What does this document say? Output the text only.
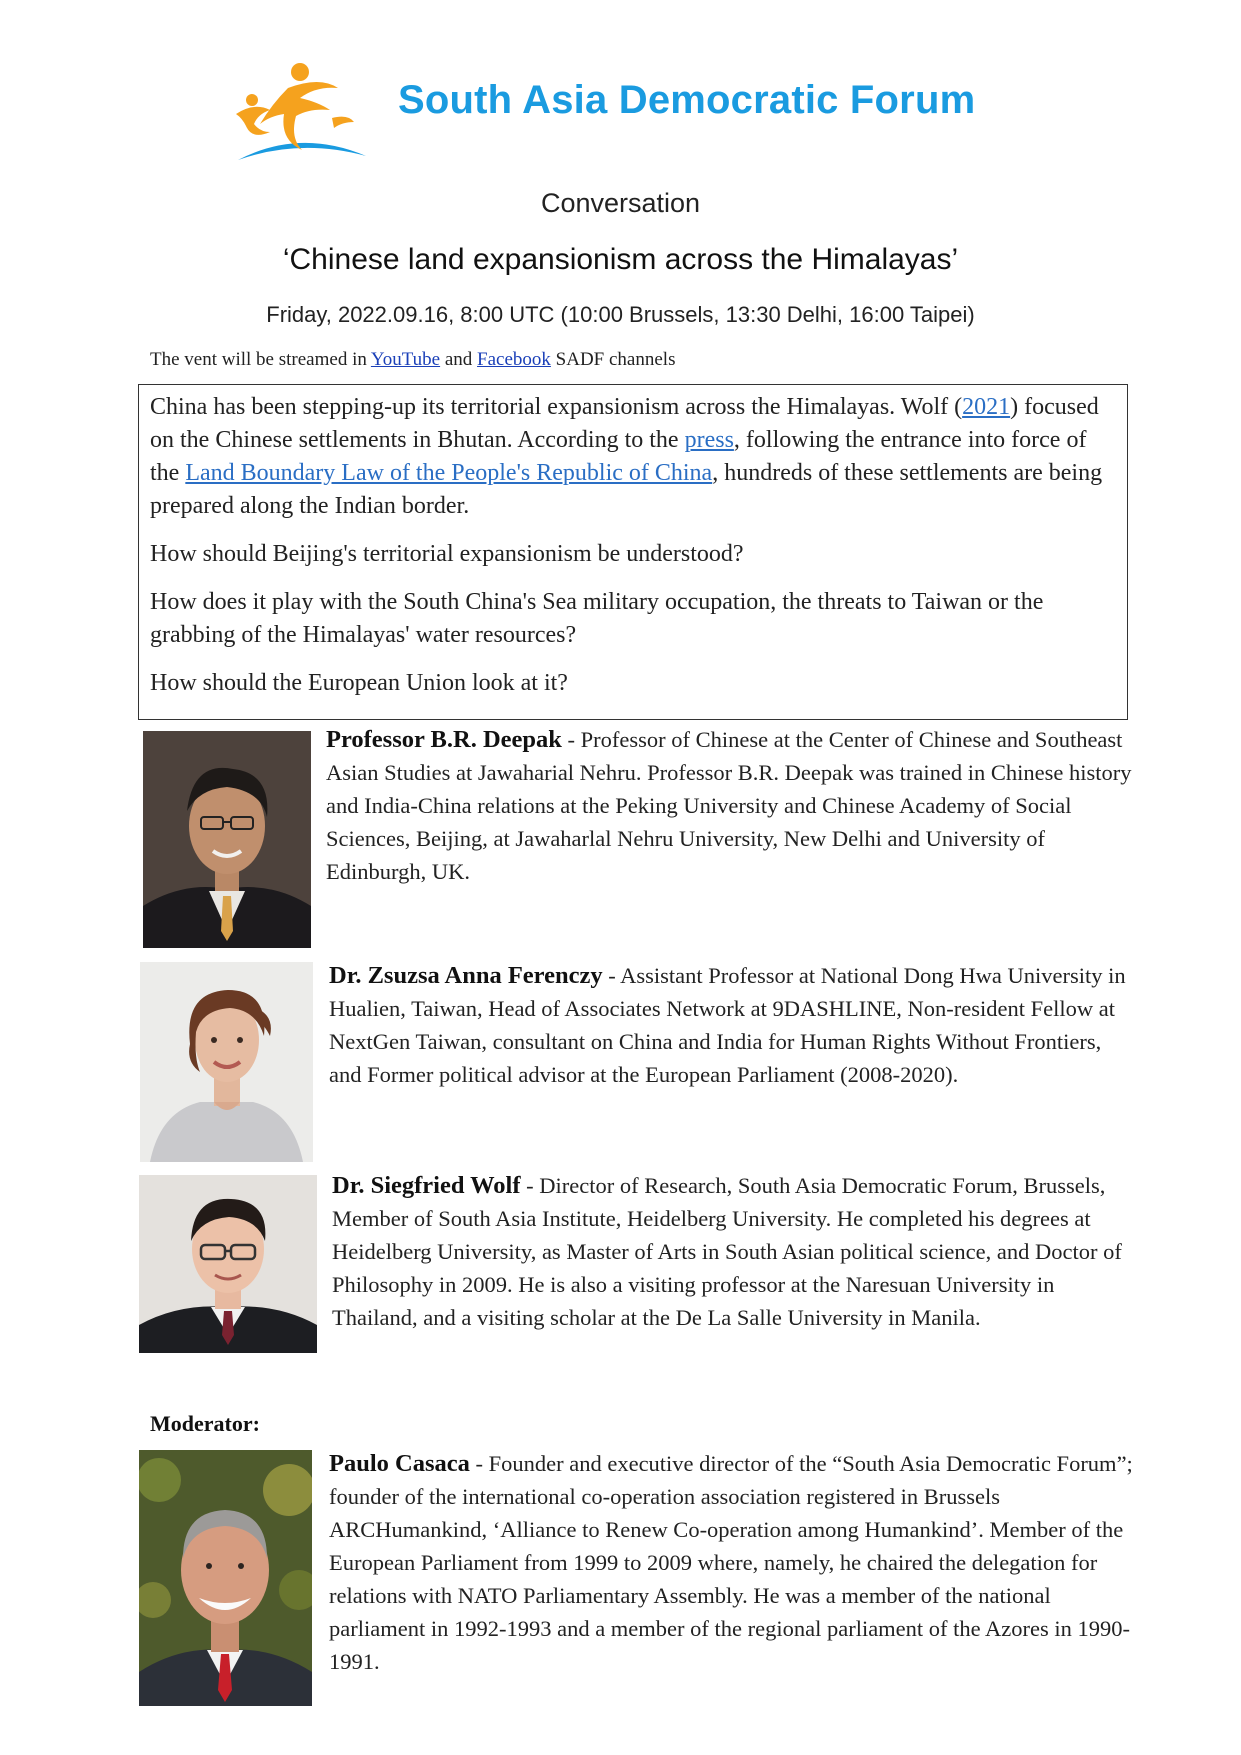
South Asia Democratic Forum
Conversation
‘Chinese land expansionism across the Himalayas’
Friday, 2022.09.16, 8:00 UTC (10:00 Brussels, 13:30 Delhi, 16:00 Taipei)
The vent will be streamed in YouTube and Facebook SADF channels

China has been stepping-up its territorial expansionism across the Himalayas. Wolf (2021) focused on the Chinese settlements in Bhutan. According to the press, following the entrance into force of the Land Boundary Law of the People's Republic of China, hundreds of these settlements are being prepared along the Indian border.

How should Beijing's territorial expansionism be understood?

How does it play with the South China's Sea military occupation, the threats to Taiwan or the grabbing of the Himalayas' water resources?

How should the European Union look at it?

Professor B.R. Deepak - Professor of Chinese at the Center of Chinese and Southeast Asian Studies at Jawaharial Nehru. Professor B.R. Deepak was trained in Chinese history and India-China relations at the Peking University and Chinese Academy of Social Sciences, Beijing, at Jawaharlal Nehru University, New Delhi and University of Edinburgh, UK.
Dr. Zsuzsa Anna Ferenczy - Assistant Professor at National Dong Hwa University in Hualien, Taiwan, Head of Associates Network at 9DASHLINE, Non-resident Fellow at NextGen Taiwan, consultant on China and India for Human Rights Without Frontiers, and Former political advisor at the European Parliament (2008-2020).
Dr. Siegfried Wolf - Director of Research, South Asia Democratic Forum, Brussels, Member of South Asia Institute, Heidelberg University. He completed his degrees at Heidelberg University, as Master of Arts in South Asian political science, and Doctor of Philosophy in 2009. He is also a visiting professor at the Naresuan University in Thailand, and a visiting scholar at the De La Salle University in Manila.
Moderator:
Paulo Casaca - Founder and executive director of the “South Asia Democratic Forum”; founder of the international co-operation association registered in Brussels ARCHumankind, ‘Alliance to Renew Co-operation among Humankind’. Member of the European Parliament from 1999 to 2009 where, namely, he chaired the delegation for relations with NATO Parliamentary Assembly. He was a member of the national parliament in 1992-1993 and a member of the regional parliament of the Azores in 1990-1991.
